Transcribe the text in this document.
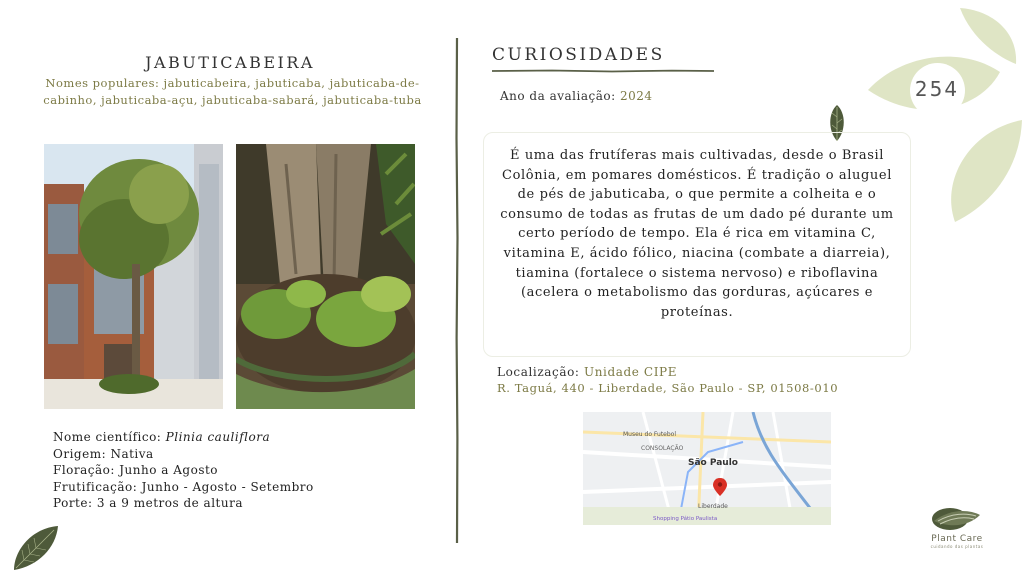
254
JABUTICABEIRA
Nomes populares: jabuticabeira, jabuticaba, jabuticaba-de-cabinho, jabuticaba-açu, jabuticaba-sabará, jabuticaba-tuba
Nome científico: Plinia cauliflora
Origem: Nativa
Floração: Junho a Agosto
Frutificação: Junho - Agosto - Setembro
Porte: 3 a 9 metros de altura
CURIOSIDADES
Ano da avaliação: 2024
É uma das frutíferas mais cultivadas, desde o Brasil Colônia, em pomares domésticos. É tradição o aluguel de pés de jabuticaba, o que permite a colheita e o consumo de todas as frutas de um dado pé durante um certo período de tempo. Ela é rica em vitamina C, vitamina E, ácido fólico, niacina (combate a diarreia), tiamina (fortalece o sistema nervoso) e riboflavina (acelera o metabolismo das gorduras, açúcares e proteínas.
Localização: Unidade CIPE
R. Taguá, 440 - Liberdade, São Paulo - SP, 01508-010
Museu do Futebol
CONSOLAÇÃO
São Paulo
Liberdade
Shopping Pátio Paulista
Plant Care
cuidando das plantas
